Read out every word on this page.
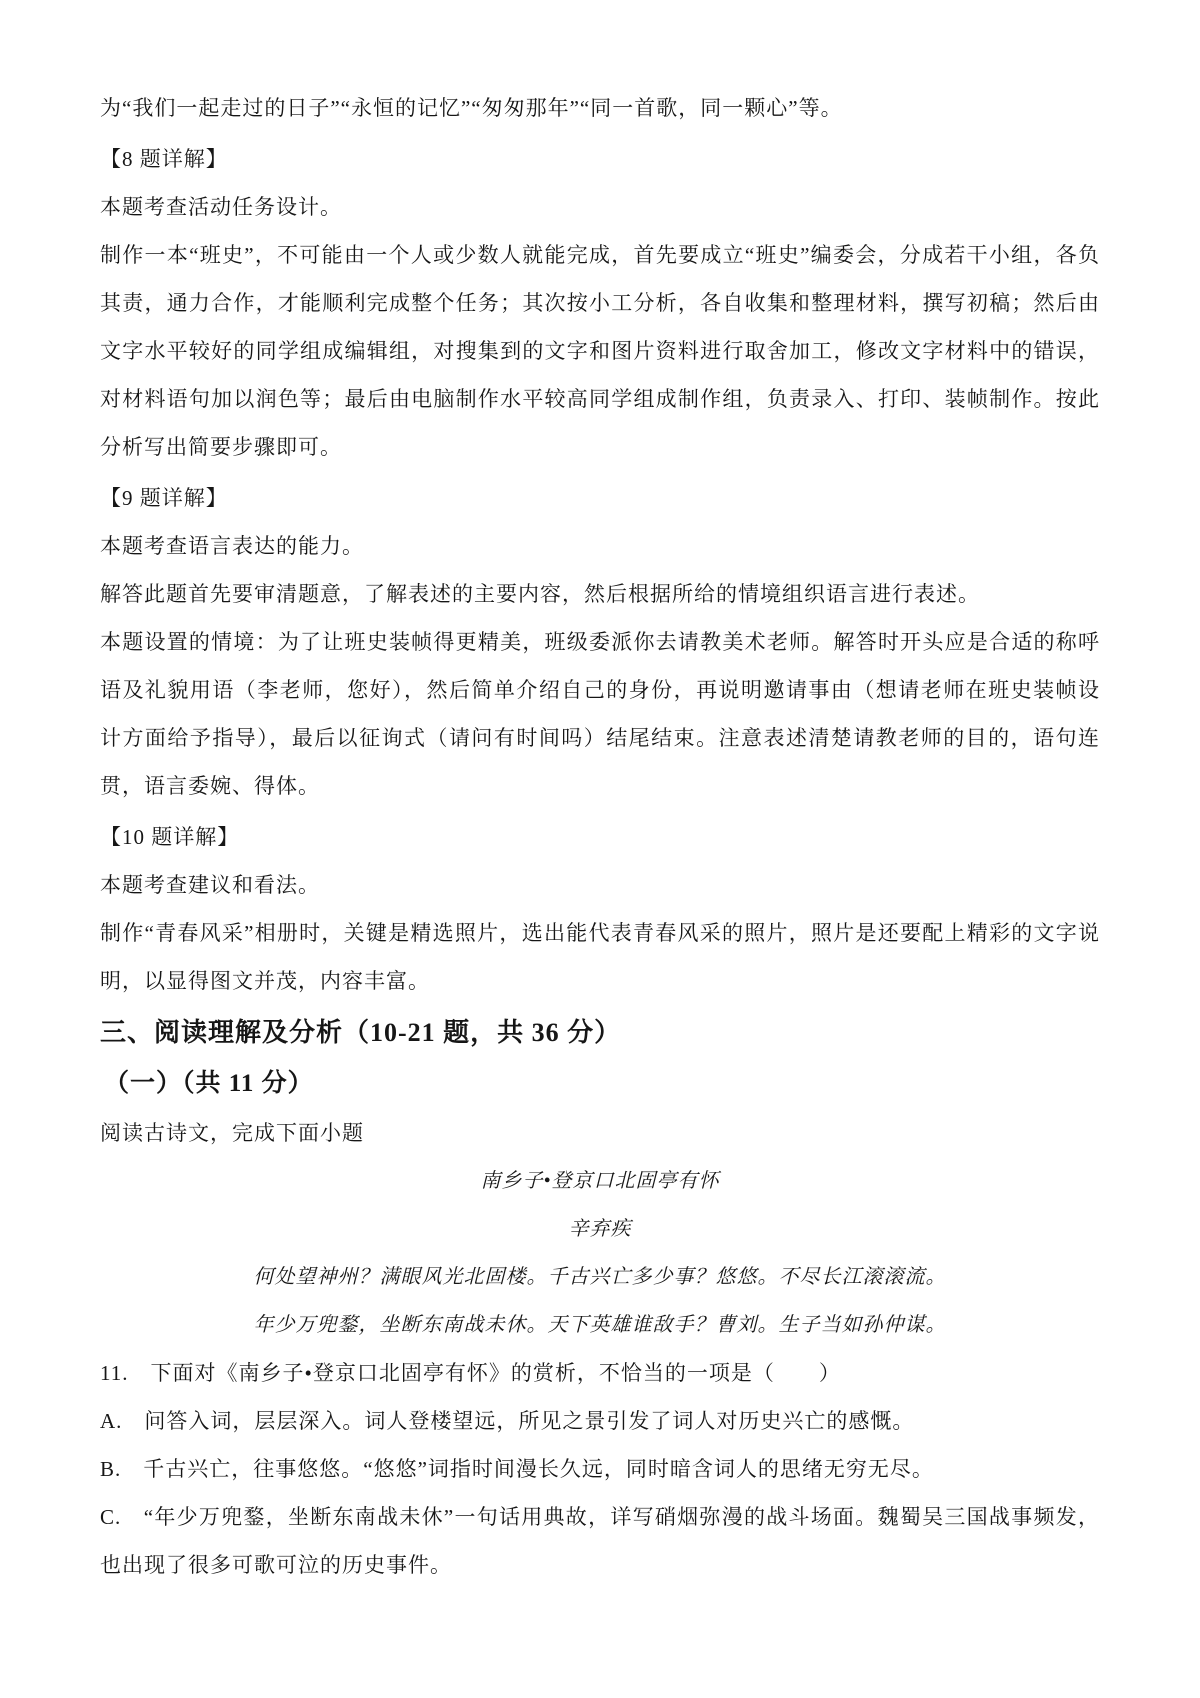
为“我们一起走过的日子”“永恒的记忆”“匆匆那年”“同一首歌，同一颗心”等。

【8 题详解】

本题考查活动任务设计。

制作一本“班史”，不可能由一个人或少数人就能完成，首先要成立“班史”编委会，分成若干小组，各负其责，通力合作，才能顺利完成整个任务；其次按小工分析，各自收集和整理材料，撰写初稿；然后由文字水平较好的同学组成编辑组，对搜集到的文字和图片资料进行取舍加工，修改文字材料中的错误，对材料语句加以润色等；最后由电脑制作水平较高同学组成制作组，负责录入、打印、装帧制作。按此分析写出简要步骤即可。

【9 题详解】

本题考查语言表达的能力。

解答此题首先要审清题意，了解表述的主要内容，然后根据所给的情境组织语言进行表述。

本题设置的情境：为了让班史装帧得更精美，班级委派你去请教美术老师。解答时开头应是合适的称呼语及礼貌用语（李老师，您好），然后简单介绍自己的身份，再说明邀请事由（想请老师在班史装帧设计方面给予指导），最后以征询式（请问有时间吗）结尾结束。注意表述清楚请教老师的目的，语句连贯，语言委婉、得体。

【10 题详解】

本题考查建议和看法。

制作“青春风采”相册时，关键是精选照片，选出能代表青春风采的照片，照片是还要配上精彩的文字说明，以显得图文并茂，内容丰富。

三、阅读理解及分析（10-21 题，共 36 分）

（一）（共 11 分）

阅读古诗文，完成下面小题

南乡子•登京口北固亭有怀

辛弃疾

何处望神州？满眼风光北固楼。千古兴亡多少事？悠悠。不尽长江滚滚流。

年少万兜鍪，坐断东南战未休。天下英雄谁敌手？曹刘。生子当如孙仲谋。

11.　下面对《南乡子•登京口北固亭有怀》的赏析，不恰当的一项是（　　）

A.　问答入词，层层深入。词人登楼望远，所见之景引发了词人对历史兴亡的感慨。

B.　千古兴亡，往事悠悠。“悠悠”词指时间漫长久远，同时暗含词人的思绪无穷无尽。

C.　“年少万兜鍪，坐断东南战未休”一句话用典故，详写硝烟弥漫的战斗场面。魏蜀吴三国战事频发，也出现了很多可歌可泣的历史事件。
